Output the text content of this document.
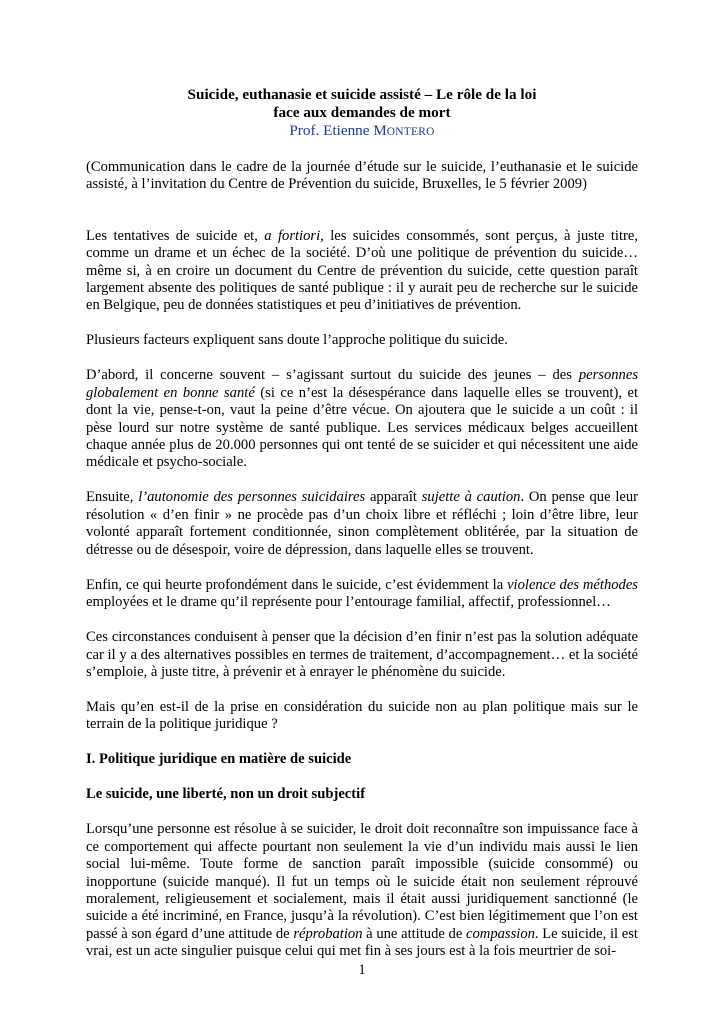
Suicide, euthanasie et suicide assisté – Le rôle de la loi

face aux demandes de mort

Prof. Etienne MONTERO

(Communication dans le cadre de la journée d’étude sur le suicide, l’euthanasie et le suicide assisté, à l’invitation du Centre de Prévention du suicide, Bruxelles, le 5 février 2009)

Les tentatives de suicide et, a fortiori, les suicides consommés, sont perçus, à juste titre, comme un drame et un échec de la société. D’où une politique de prévention du suicide… même si, à en croire un document du Centre de prévention du suicide, cette question paraît largement absente des politiques de santé publique : il y aurait peu de recherche sur le suicide en Belgique, peu de données statistiques et peu d’initiatives de prévention.

Plusieurs facteurs expliquent sans doute l’approche politique du suicide.

D’abord, il concerne souvent – s’agissant surtout du suicide des jeunes – des personnes globalement en bonne santé (si ce n’est la désespérance dans laquelle elles se trouvent), et dont la vie, pense-t-on, vaut la peine d’être vécue. On ajoutera que le suicide a un coût : il pèse lourd sur notre système de santé publique. Les services médicaux belges accueillent chaque année plus de 20.000 personnes qui ont tenté de se suicider et qui nécessitent une aide médicale et psycho-sociale.

Ensuite, l’autonomie des personnes suicidaires apparaît sujette à caution. On pense que leur résolution « d’en finir » ne procède pas d’un choix libre et réfléchi ; loin d’être libre, leur volonté apparaît fortement conditionnée, sinon complètement oblitérée, par la situation de détresse ou de désespoir, voire de dépression, dans laquelle elles se trouvent.

Enfin, ce qui heurte profondément dans le suicide, c’est évidemment la violence des méthodes employées et le drame qu’il représente pour l’entourage familial, affectif, professionnel…

Ces circonstances conduisent à penser que la décision d’en finir n’est pas la solution adéquate car il y a des alternatives possibles en termes de traitement, d’accompagnement… et la société s’emploie, à juste titre, à prévenir et à enrayer le phénomène du suicide.

Mais qu’en est-il de la prise en considération du suicide non au plan politique mais sur le terrain de la politique juridique ?

I. Politique juridique en matière de suicide

Le suicide, une liberté, non un droit subjectif

Lorsqu’une personne est résolue à se suicider, le droit doit reconnaître son impuissance face à ce comportement qui affecte pourtant non seulement la vie d’un individu mais aussi le lien social lui-même. Toute forme de sanction paraît impossible (suicide consommé) ou inopportune (suicide manqué). Il fut un temps où le suicide était non seulement réprouvé moralement, religieusement et socialement, mais il était aussi juridiquement sanctionné (le suicide a été incriminé, en France, jusqu’à la révolution). C’est bien légitimement que l’on est passé à son égard d’une attitude de réprobation à une attitude de compassion. Le suicide, il est vrai, est un acte singulier puisque celui qui met fin à ses jours est à la fois meurtrier de soi-

1
